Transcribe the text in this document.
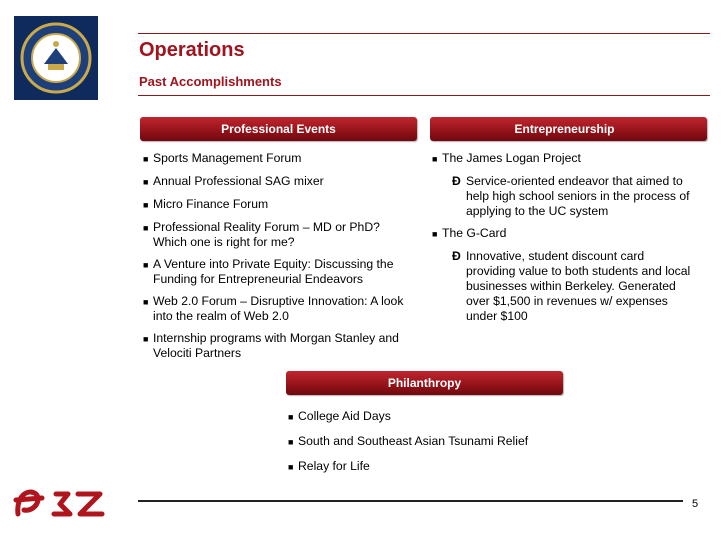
Operations
Past Accomplishments
Professional Events	Entrepreneurship
Philanthropy
■ Sports Management Forum
■ Annual Professional SAG mixer
■ Micro Finance Forum
■ Professional Reality Forum – MD or PhD? Which one is right for me?
■ A Venture into Private Equity: Discussing the Funding for Entrepreneurial Endeavors
■ Web 2.0 Forum – Disruptive Innovation: A look into the realm of Web 2.0
■ Internship programs with Morgan Stanley and Velociti Partners
■ The James Logan Project
Ð Service-oriented endeavor that aimed to help high school seniors in the process of applying to the UC system
■ The G-Card
Ð Innovative, student discount card providing value to both students and local businesses within Berkeley. Generated over $1,500 in revenues w/ expenses under $100
■ College Aid Days
■ South and Southeast Asian Tsunami Relief
■ Relay for Life
5
